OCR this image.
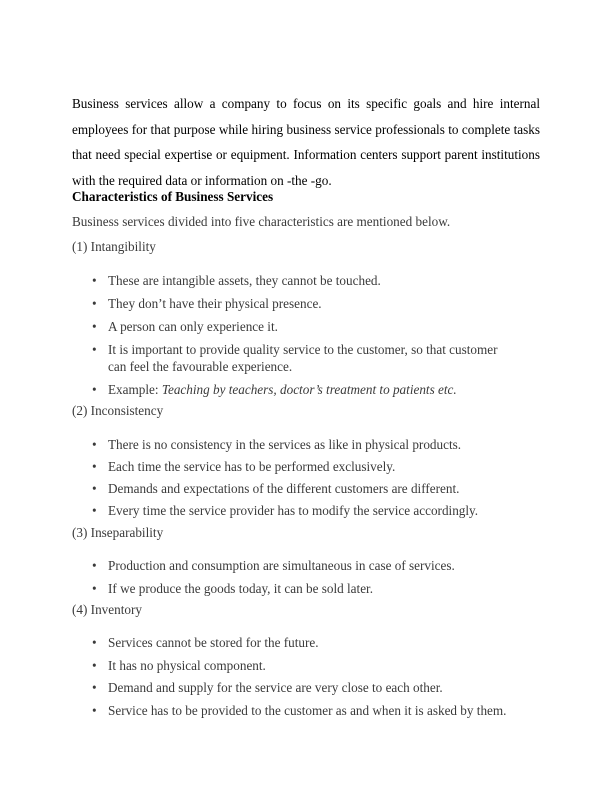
Business services allow a company to focus on its specific goals and hire internal employees for that purpose while hiring business service professionals to complete tasks that need special expertise or equipment. Information centers support parent institutions with the required data or information on -the -go.
Characteristics of Business Services
Business services divided into five characteristics are mentioned below.
(1) Intangibility
• These are intangible assets, they cannot be touched.
• They don’t have their physical presence.
• A person can only experience it.
• It is important to provide quality service to the customer, so that customer
can feel the favourable experience.
• Example: Teaching by teachers, doctor’s treatment to patients etc.
(2) Inconsistency
• There is no consistency in the services as like in physical products.
• Each time the service has to be performed exclusively.
• Demands and expectations of the different customers are different.
• Every time the service provider has to modify the service accordingly.
(3) Inseparability
• Production and consumption are simultaneous in case of services.
• If we produce the goods today, it can be sold later.
(4) Inventory
• Services cannot be stored for the future.
• It has no physical component.
• Demand and supply for the service are very close to each other.
• Service has to be provided to the customer as and when it is asked by them.
